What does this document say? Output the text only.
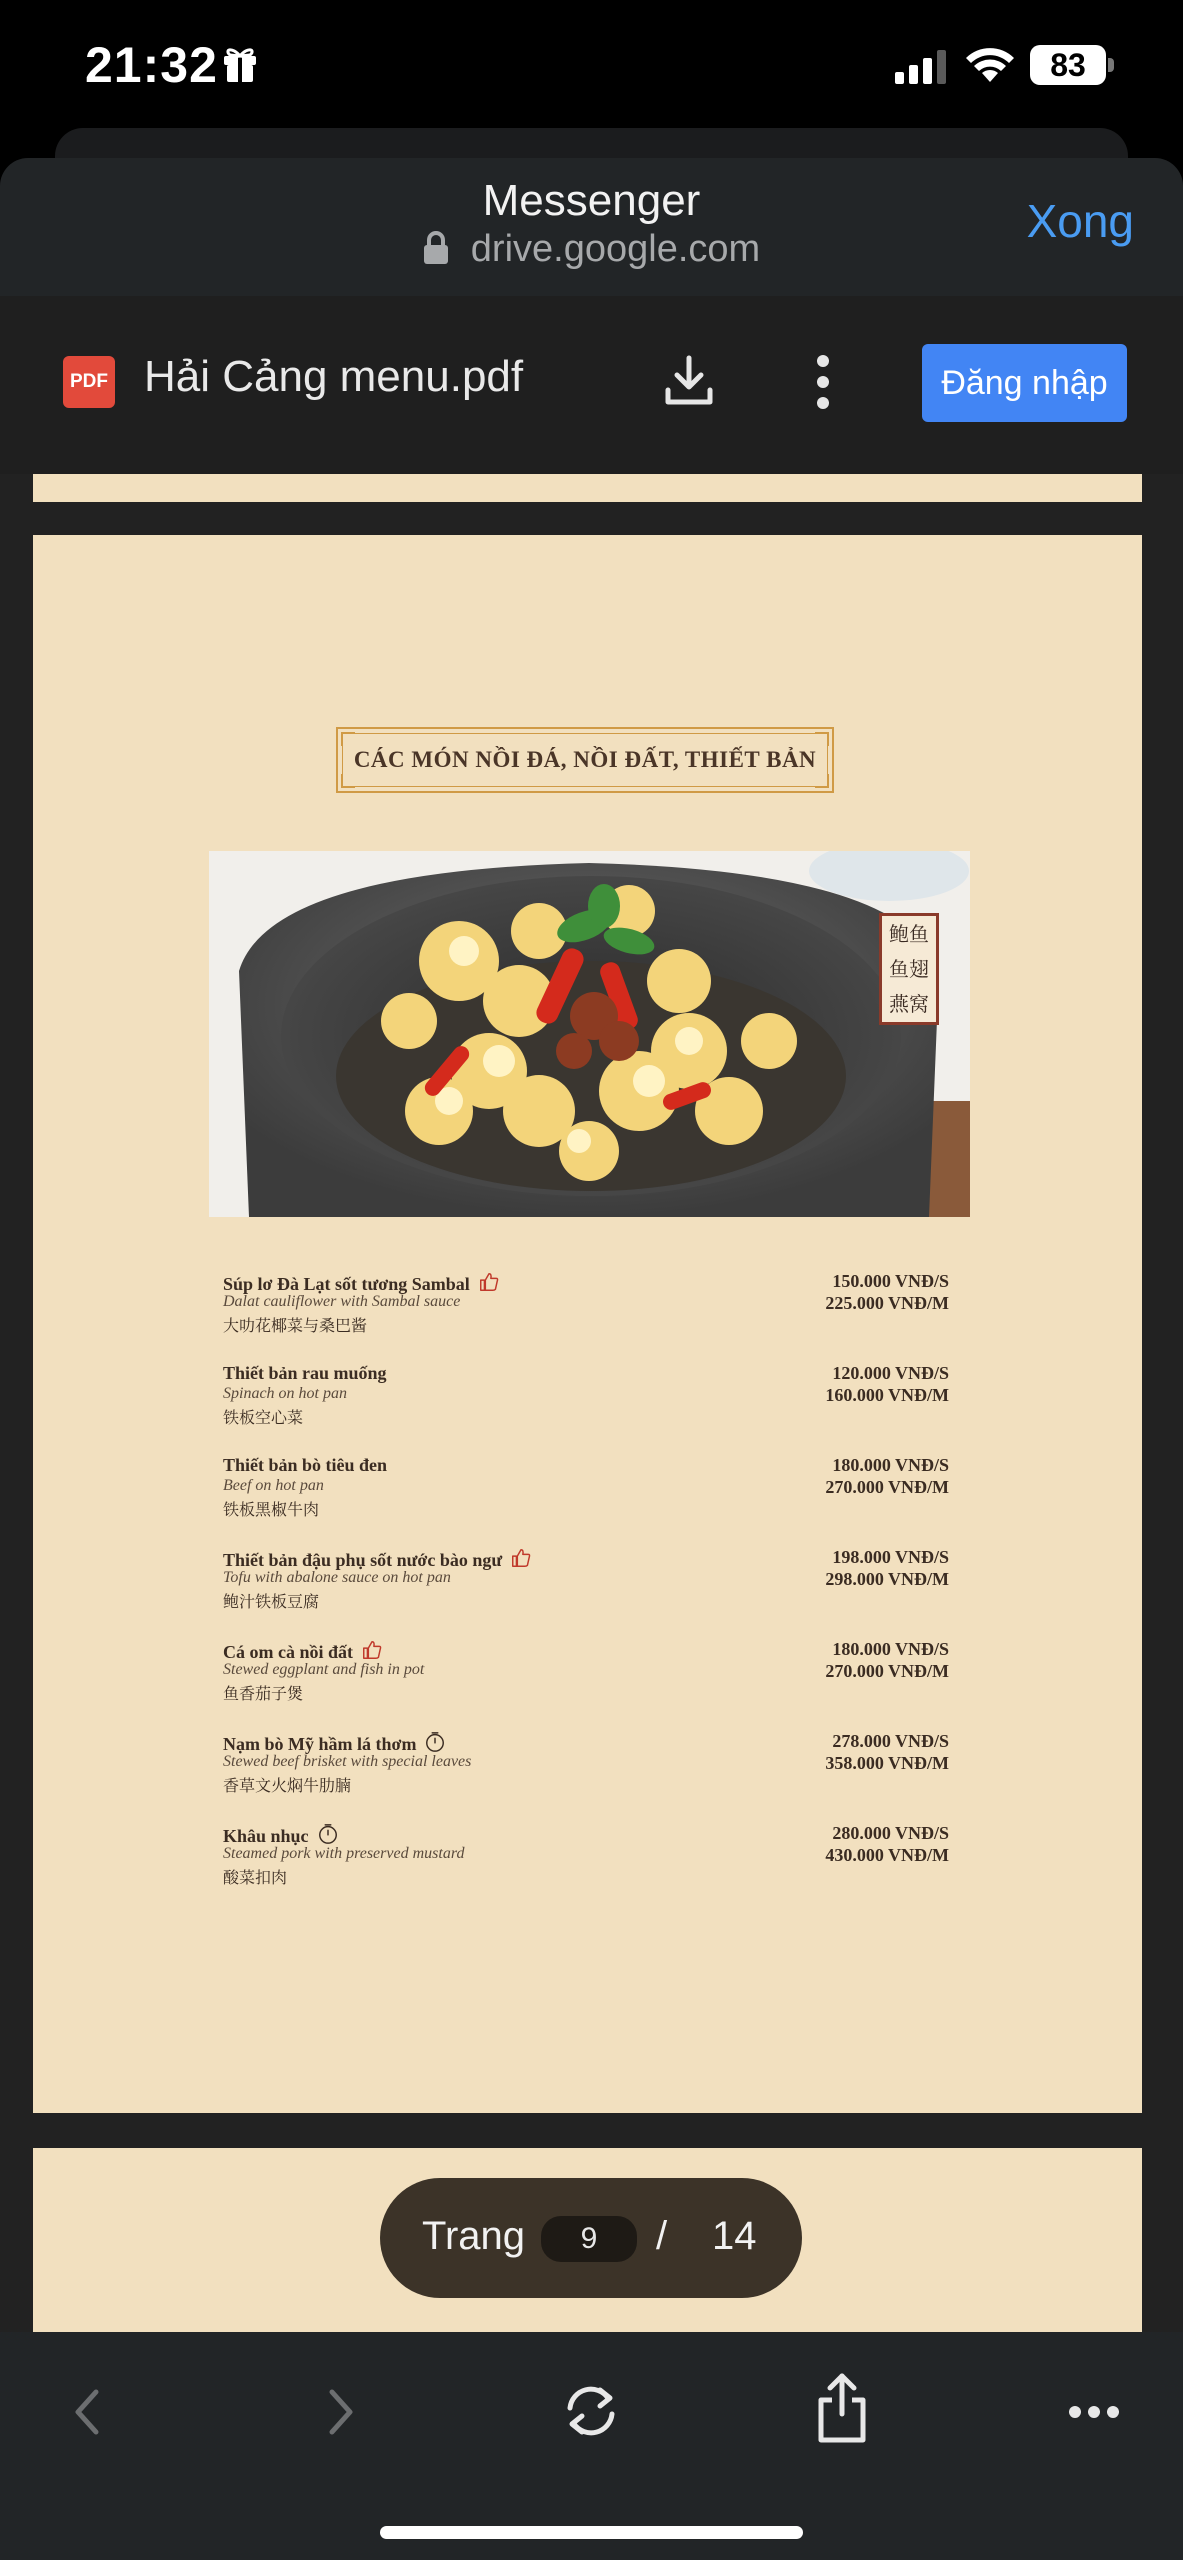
21:32	83
Messenger
drive.google.com
Xong
PDF Hải Cảng menu.pdf	Đăng nhập
CÁC MÓN NỒI ĐÁ, NỒI ĐẤT, THIẾT BẢN
鲍鱼
鱼翅
燕窝
Súp lơ Đà Lạt sốt tương Sambal
Dalat cauliflower with Sambal sauce
大叻花椰菜与桑巴酱
150.000 VNĐ/S
225.000 VNĐ/M
Thiết bản rau muống
Spinach on hot pan
铁板空心菜
120.000 VNĐ/S
160.000 VNĐ/M
Thiết bản bò tiêu đen
Beef on hot pan
铁板黑椒牛肉
180.000 VNĐ/S
270.000 VNĐ/M
Thiết bản đậu phụ sốt nước bào ngư
Tofu with abalone sauce on hot pan
鲍汁铁板豆腐
198.000 VNĐ/S
298.000 VNĐ/M
Cá om cà nồi đất
Stewed eggplant and fish in pot
鱼香茄子煲
180.000 VNĐ/S
270.000 VNĐ/M
Nạm bò Mỹ hầm lá thơm
Stewed beef brisket with special leaves
香草文火焖牛肋腩
278.000 VNĐ/S
358.000 VNĐ/M
Khâu nhục
Steamed pork with preserved mustard
酸菜扣肉
280.000 VNĐ/S
430.000 VNĐ/M
Trang	9	/ 14
